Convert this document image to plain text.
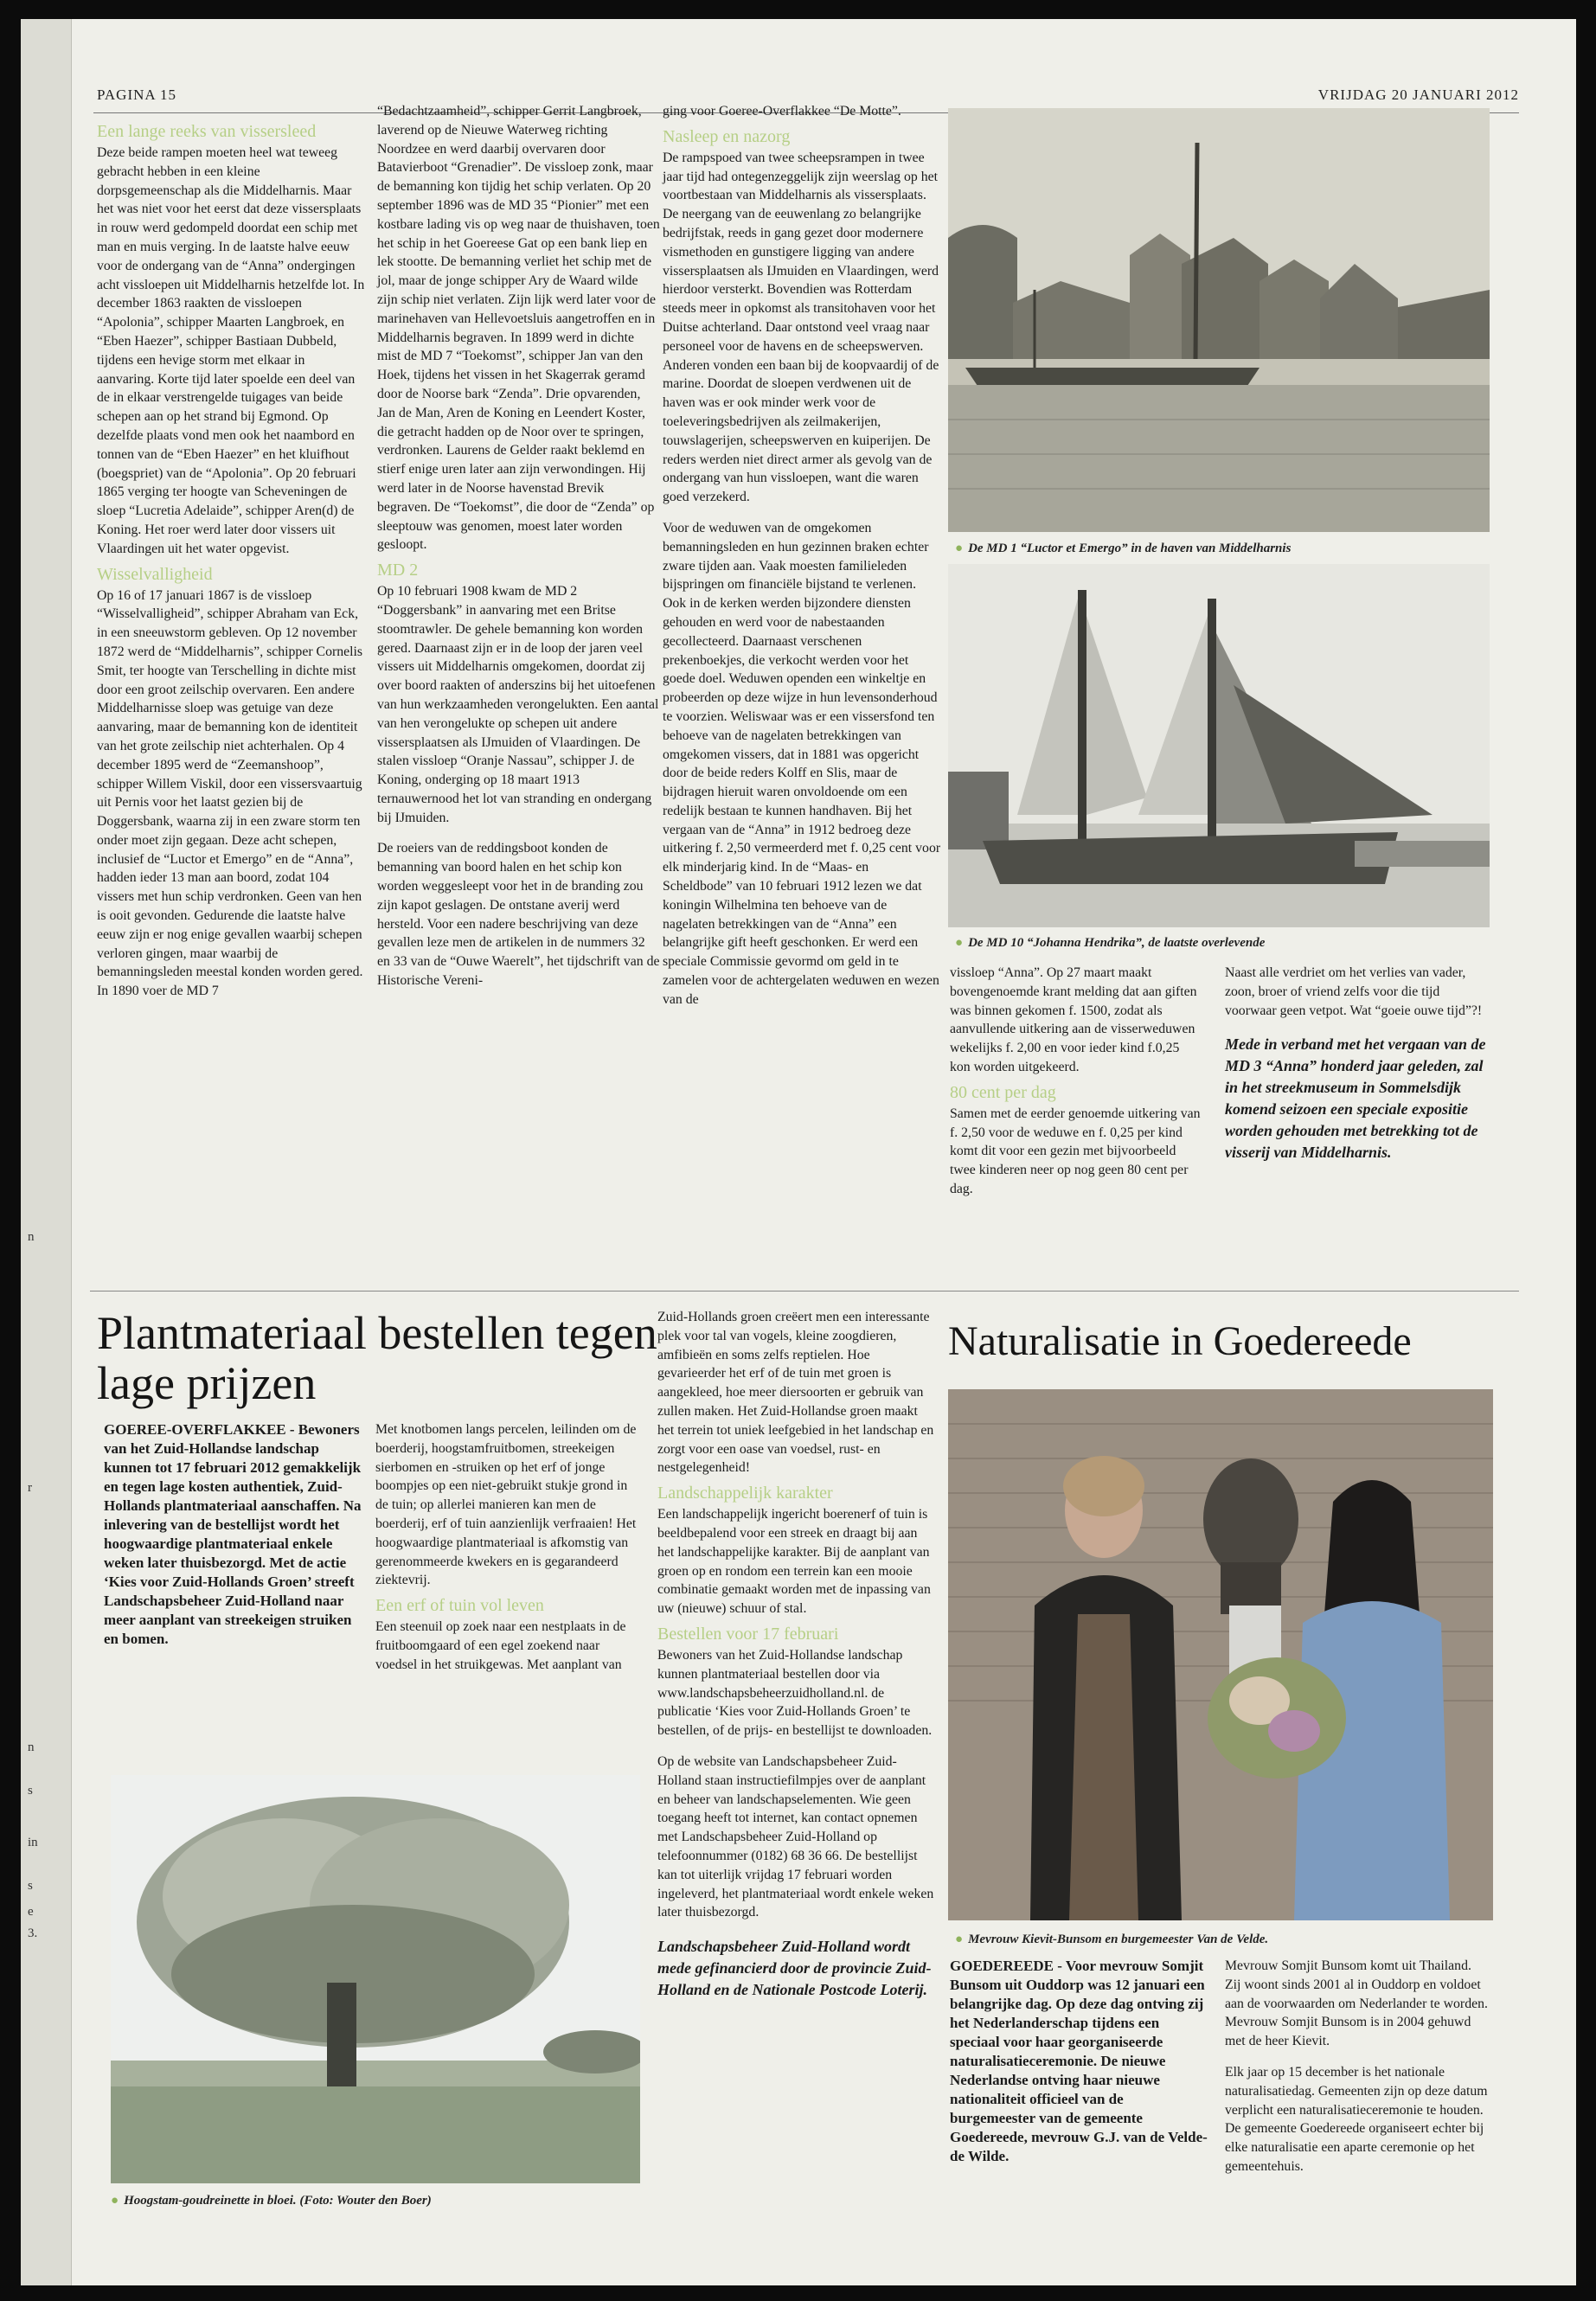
n
r
n
s
in
s
e
3.
PAGINA 15	VRIJDAG 20 JANUARI 2012
Een lange reeks van vissersleed

Deze beide rampen moeten heel wat teweeg gebracht hebben in een kleine dorpsgemeenschap als die Middelharnis. Maar het was niet voor het eerst dat deze vissersplaats in rouw werd gedompeld doordat een schip met man en muis verging. In de laatste halve eeuw voor de ondergang van de “Anna” ondergingen acht vissloepen uit Middelharnis hetzelfde lot. In december 1863 raakten de vissloepen “Apolonia”, schipper Maarten Langbroek, en “Eben Haezer”, schipper Bastiaan Dubbeld, tijdens een hevige storm met elkaar in aanvaring. Korte tijd later spoelde een deel van de in elkaar verstrengelde tuigages van beide schepen aan op het strand bij Egmond. Op dezelfde plaats vond men ook het naambord en tonnen van de “Eben Haezer” en het kluifhout (boegspriet) van de “Apolonia”. Op 20 februari 1865 verging ter hoogte van Scheveningen de sloep “Lucretia Adelaide”, schipper Aren(d) de Koning. Het roer werd later door vissers uit Vlaardingen uit het water opgevist.

Wisselvalligheid

Op 16 of 17 januari 1867 is de vissloep “Wisselvalligheid”, schipper Abraham van Eck, in een sneeuwstorm gebleven. Op 12 november 1872 werd de “Middelharnis”, schipper Cornelis Smit, ter hoogte van Terschelling in dichte mist door een groot zeilschip overvaren. Een andere Middelharnisse sloep was getuige van deze aanvaring, maar de bemanning kon de identiteit van het grote zeilschip niet achterhalen. Op 4 december 1895 werd de “Zeemanshoop”, schipper Willem Viskil, door een vissersvaartuig uit Pernis voor het laatst gezien bij de Doggersbank, waarna zij in een zware storm ten onder moet zijn gegaan. Deze acht schepen, inclusief de “Luctor et Emergo” en de “Anna”, hadden ieder 13 man aan boord, zodat 104 vissers met hun schip verdronken. Geen van hen is ooit gevonden. Gedurende die laatste halve eeuw zijn er nog enige gevallen waarbij schepen verloren gingen, maar waarbij de bemanningsleden meestal konden worden gered. In 1890 voer de MD 7

“Bedachtzaamheid”, schipper Gerrit Langbroek, laverend op de Nieuwe Waterweg richting Noordzee en werd daarbij overvaren door Batavierboot “Grenadier”. De vissloep zonk, maar de bemanning kon tijdig het schip verlaten. Op 20 september 1896 was de MD 35 “Pionier” met een kostbare lading vis op weg naar de thuishaven, toen het schip in het Goereese Gat op een bank liep en lek stootte. De bemanning verliet het schip met de jol, maar de jonge schipper Ary de Waard wilde zijn schip niet verlaten. Zijn lijk werd later voor de marinehaven van Hellevoetsluis aangetroffen en in Middelharnis begraven. In 1899 werd in dichte mist de MD 7 “Toekomst”, schipper Jan van den Hoek, tijdens het vissen in het Skagerrak geramd door de Noorse bark “Zenda”. Drie opvarenden, Jan de Man, Aren de Koning en Leendert Koster, die getracht hadden op de Noor over te springen, verdronken. Laurens de Gelder raakt beklemd en stierf enige uren later aan zijn verwondingen. Hij werd later in de Noorse havenstad Brevik begraven. De “Toekomst”, die door de “Zenda” op sleeptouw was genomen, moest later worden gesloopt.

MD 2

Op 10 februari 1908 kwam de MD 2 “Doggersbank” in aanvaring met een Britse stoomtrawler. De gehele bemanning kon worden gered. Daarnaast zijn er in de loop der jaren veel vissers uit Middelharnis omgekomen, doordat zij over boord raakten of anderszins bij het uitoefenen van hun werkzaamheden verongelukten. Een aantal van hen verongelukte op schepen uit andere vissersplaatsen als IJmuiden of Vlaardingen. De stalen vissloep “Oranje Nassau”, schipper J. de Koning, onderging op 18 maart 1913 ternauwernood het lot van stranding en ondergang bij IJmuiden.

De roeiers van de reddingsboot konden de bemanning van boord halen en het schip kon worden weggesleept voor het in de branding zou zijn kapot geslagen. De ontstane averij werd hersteld. Voor een nadere beschrijving van deze gevallen leze men de artikelen in de nummers 32 en 33 van de “Ouwe Waerelt”, het tijdschrift van de Historische Vereni-

ging voor Goeree-Overflakkee “De Motte”.

Nasleep en nazorg

De rampspoed van twee scheepsrampen in twee jaar tijd had ontegenzeggelijk zijn weerslag op het voortbestaan van Middelharnis als vissersplaats. De neergang van de eeuwenlang zo belangrijke bedrijfstak, reeds in gang gezet door modernere vismethoden en gunstigere ligging van andere vissersplaatsen als IJmuiden en Vlaardingen, werd hierdoor versterkt. Bovendien was Rotterdam steeds meer in opkomst als transitohaven voor het Duitse achterland. Daar ontstond veel vraag naar personeel voor de havens en de scheepswerven. Anderen vonden een baan bij de koopvaardij of de marine. Doordat de sloepen verdwenen uit de haven was er ook minder werk voor de toeleveringsbedrijven als zeilmakerijen, touwslagerijen, scheepswerven en kuiperijen. De reders werden niet direct armer als gevolg van de ondergang van hun vissloepen, want die waren goed verzekerd.

Voor de weduwen van de omgekomen bemanningsleden en hun gezinnen braken echter zware tijden aan. Vaak moesten familieleden bijspringen om financiële bijstand te verlenen. Ook in de kerken werden bijzondere diensten gehouden en werd voor de nabestaanden gecollecteerd. Daarnaast verschenen prekenboekjes, die verkocht werden voor het goede doel. Weduwen openden een winkeltje en probeerden op deze wijze in hun levensonderhoud te voorzien. Weliswaar was er een vissersfond ten behoeve van de nagelaten betrekkingen van omgekomen vissers, dat in 1881 was opgericht door de beide reders Kolff en Slis, maar de bijdragen hieruit waren onvoldoende om een redelijk bestaan te kunnen handhaven. Bij het vergaan van de “Anna” in 1912 bedroeg deze uitkering f. 2,50 vermeerderd met f. 0,25 cent voor elk minderjarig kind. In de “Maas- en Scheldbode” van 10 februari 1912 lezen we dat koningin Wilhelmina ten behoeve van de nagelaten betrekkingen van de “Anna” een belangrijke gift heeft geschonken. Er werd een speciale Commissie gevormd om geld in te zamelen voor de achtergelaten weduwen en wezen van de

● De MD 1 “Luctor et Emergo” in de haven van Middelharnis
● De MD 10 “Johanna Hendrika”, de laatste overlevende

vissloep “Anna”. Op 27 maart maakt bovengenoemde krant melding dat aan giften was binnen gekomen f. 1500, zodat als aanvullende uitkering aan de visserweduwen wekelijks f. 2,00 en voor ieder kind f.0,25 kon worden uitgekeerd.

80 cent per dag

Samen met de eerder genoemde uitkering van f. 2,50 voor de weduwe en f. 0,25 per kind komt dit voor een gezin met bijvoorbeeld twee kinderen neer op nog geen 80 cent per dag.

Naast alle verdriet om het verlies van vader, zoon, broer of vriend zelfs voor die tijd voorwaar geen vetpot. Wat “goeie ouwe tijd”?!

Mede in verband met het vergaan van de MD 3 “Anna” honderd jaar geleden, zal in het streekmuseum in Sommelsdijk komend seizoen een speciale expositie worden gehouden met betrekking tot de visserij van Middelharnis.

Plantmateriaal bestellen tegen lage prijzen

GOEREE-OVERFLAKKEE - Bewoners van het Zuid-Hollandse landschap kunnen tot 17 februari 2012 gemakkelijk en tegen lage kosten authentiek, Zuid-Hollands plantmateriaal aanschaffen. Na inlevering van de bestellijst wordt het hoogwaardige plantmateriaal enkele weken later thuisbezorgd. Met de actie ‘Kies voor Zuid-Hollands Groen’ streeft Landschapsbeheer Zuid-Holland naar meer aanplant van streekeigen struiken en bomen.

Met knotbomen langs percelen, leilinden om de boerderij, hoogstamfruitbomen, streekeigen sierbomen en -struiken op het erf of jonge boompjes op een niet-gebruikt stukje grond in de tuin; op allerlei manieren kan men de boerderij, erf of tuin aanzienlijk verfraaien! Het hoogwaardige plantmateriaal is afkomstig van gerenommeerde kwekers en is gegarandeerd ziektevrij.

Een erf of tuin vol leven

Een steenuil op zoek naar een nestplaats in de fruitboomgaard of een egel zoekend naar voedsel in het struikgewas. Met aanplant van

Zuid-Hollands groen creëert men een interessante plek voor tal van vogels, kleine zoogdieren, amfibieën en soms zelfs reptielen. Hoe gevarieerder het erf of de tuin met groen is aangekleed, hoe meer diersoorten er gebruik van zullen maken. Het Zuid-Hollandse groen maakt het terrein tot uniek leefgebied in het landschap en zorgt voor een oase van voedsel, rust- en nestgelegenheid!

Landschappelijk karakter

Een landschappelijk ingericht boerenerf of tuin is beeldbepalend voor een streek en draagt bij aan het landschappelijke karakter. Bij de aanplant van groen op en rondom een terrein kan een mooie combinatie gemaakt worden met de inpassing van uw (nieuwe) schuur of stal.

Bestellen voor 17 februari

Bewoners van het Zuid-Hollandse landschap kunnen plantmateriaal bestellen door via www.landschapsbeheerzuidholland.nl. de publicatie ‘Kies voor Zuid-Hollands Groen’ te bestellen, of de prijs- en bestellijst te downloaden.

Op de website van Landschapsbeheer Zuid-Holland staan instructiefilmpjes over de aanplant en beheer van landschapselementen. Wie geen toegang heeft tot internet, kan contact opnemen met Landschapsbeheer Zuid-Holland op telefoonnummer (0182) 68 36 66. De bestellijst kan tot uiterlijk vrijdag 17 februari worden ingeleverd, het plantmateriaal wordt enkele weken later thuisbezorgd.

Landschapsbeheer Zuid-Holland wordt mede gefinancierd door de provincie Zuid-Holland en de Nationale Postcode Loterij.

● Hoogstam-goudreinette in bloei. (Foto: Wouter den Boer)
Naturalisatie in Goedereede
● Mevrouw Kievit-Bunsom en burgemeester Van de Velde.

GOEDEREEDE - Voor mevrouw Somjit Bunsom uit Ouddorp was 12 januari een belangrijke dag. Op deze dag ontving zij het Nederlanderschap tijdens een speciaal voor haar georganiseerde naturalisatieceremonie. De nieuwe Nederlandse ontving haar nieuwe nationaliteit officieel van de burgemeester van de gemeente Goedereede, mevrouw G.J. van de Velde-de Wilde.

Mevrouw Somjit Bunsom komt uit Thailand. Zij woont sinds 2001 al in Ouddorp en voldoet aan de voorwaarden om Nederlander te worden. Mevrouw Somjit Bunsom is in 2004 gehuwd met de heer Kievit.

Elk jaar op 15 december is het nationale naturalisatiedag. Gemeenten zijn op deze datum verplicht een naturalisatieceremonie te houden. De gemeente Goedereede organiseert echter bij elke naturalisatie een aparte ceremonie op het gemeentehuis.
